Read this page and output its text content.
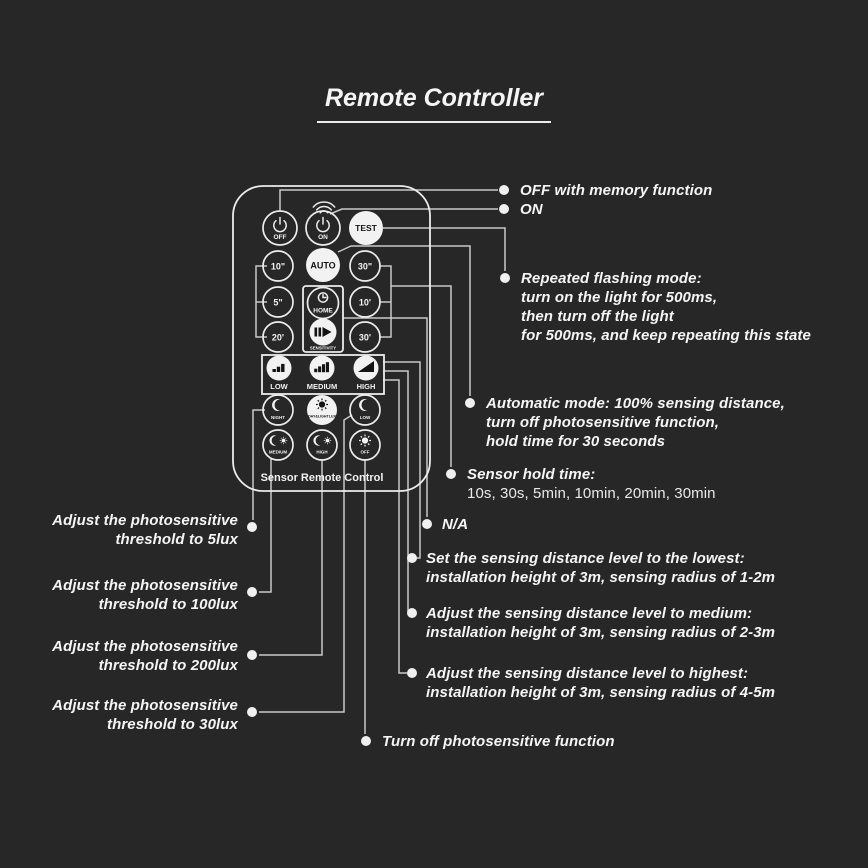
OFF	ON
TEST
10"	AUTO 30"
5"
HOME
10'
20'
SENSITIVITY
30'
LOW	MEDIUM	HIGH
NIGHT	DAY&LIGHTLUX	LOW
MEDIUM	HIGH	OFF
Sensor Remote Control
Remote Controller
OFF with memory function
ON
Repeated flashing mode:
turn on the light for 500ms,
then turn off the light
for 500ms, and keep repeating this state
Automatic mode: 100% sensing distance,
turn off photosensitive function,
hold time for 30 seconds
Sensor hold time:
10s, 30s, 5min, 10min, 20min, 30min
N/A
Set the sensing distance level to the lowest:
installation height of 3m, sensing radius of 1-2m
Adjust the sensing distance level to medium:
installation height of 3m, sensing radius of 2-3m
Adjust the sensing distance level to highest:
installation height of 3m, sensing radius of 4-5m
Turn off photosensitive function
Adjust the photosensitive
threshold to 5lux
Adjust the photosensitive
threshold to 100lux
Adjust the photosensitive
threshold to 200lux
Adjust the photosensitive
threshold to 30lux
